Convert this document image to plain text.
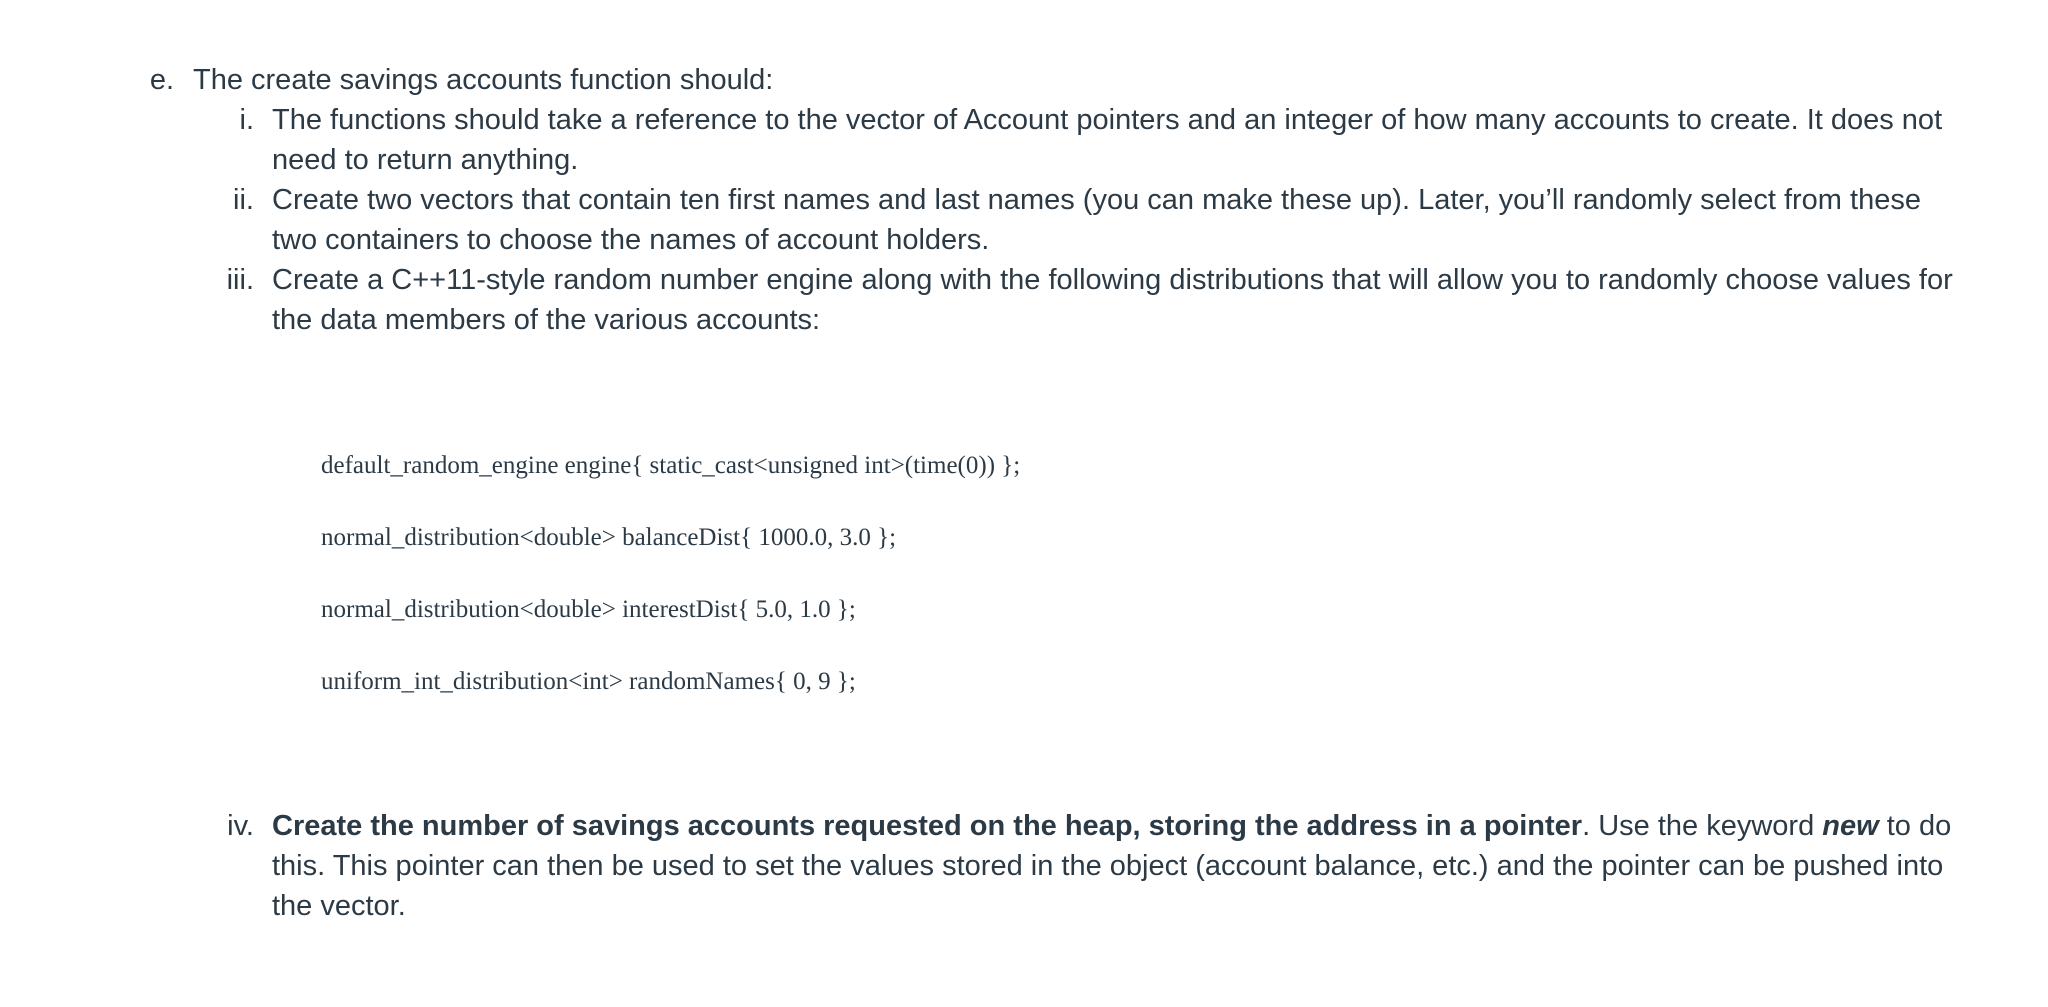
e. The create savings accounts function should:
i. The functions should take a reference to the vector of Account pointers and an integer of how many accounts to create. It does not
need to return anything.
ii. Create two vectors that contain ten first names and last names (you can make these up). Later, you’ll randomly select from these
two containers to choose the names of account holders.
iii. Create a C++11-style random number engine along with the following distributions that will allow you to randomly choose values for
the data members of the various accounts:
default_random_engine engine{ static_cast<unsigned int>(time(0)) };
normal_distribution<double> balanceDist{ 1000.0, 3.0 };
normal_distribution<double> interestDist{ 5.0, 1.0 };
uniform_int_distribution<int> randomNames{ 0, 9 };
iv. Create the number of savings accounts requested on the heap, storing the address in a pointer. Use the keyword new to do
this. This pointer can then be used to set the values stored in the object (account balance, etc.) and the pointer can be pushed into
the vector.
